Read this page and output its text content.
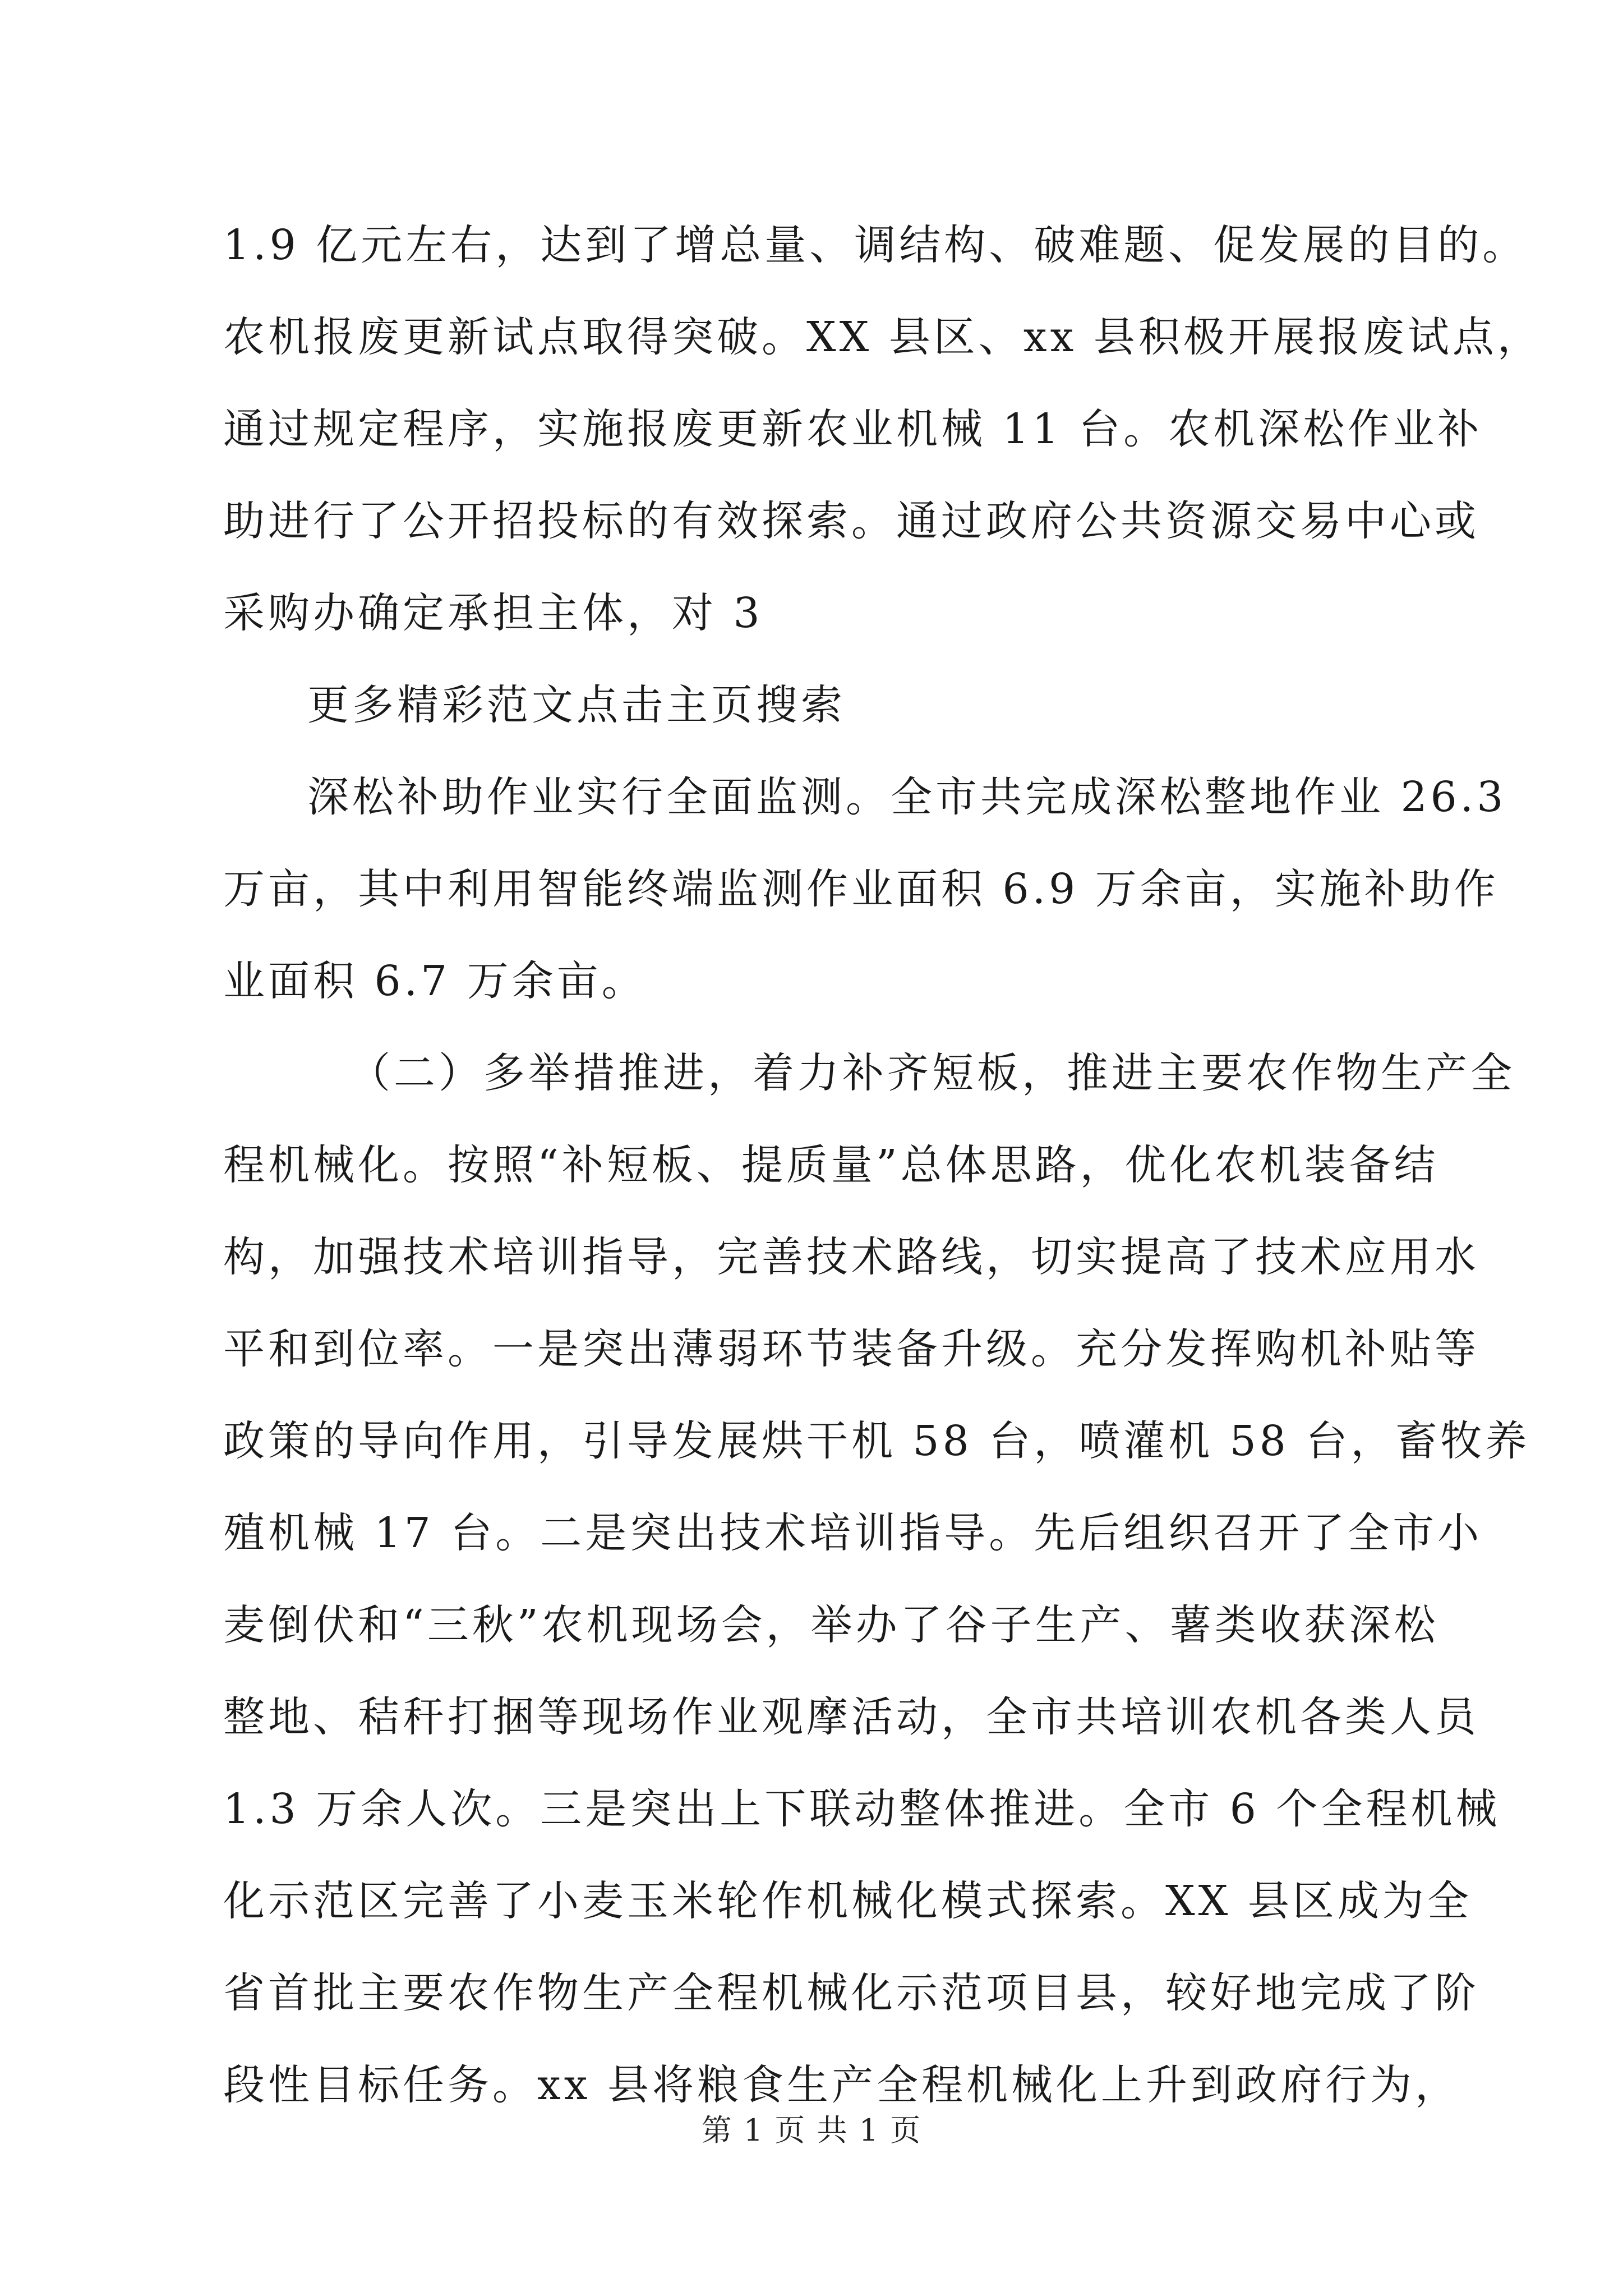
1.9 亿元左右，达到了增总量、调结构、破难题、促发展的目的。
农机报废更新试点取得突破。XX 县区、xx 县积极开展报废试点，
通过规定程序，实施报废更新农业机械 11 台。农机深松作业补
助进行了公开招投标的有效探索。通过政府公共资源交易中心或
采购办确定承担主体，对 3
更多精彩范文点击主页搜索
深松补助作业实行全面监测。全市共完成深松整地作业 26.3
万亩，其中利用智能终端监测作业面积 6.9 万余亩，实施补助作
业面积 6.7 万余亩。
（二）多举措推进，着力补齐短板，推进主要农作物生产全
程机械化。按照“补短板、提质量”总体思路，优化农机装备结
构，加强技术培训指导，完善技术路线，切实提高了技术应用水
平和到位率。一是突出薄弱环节装备升级。充分发挥购机补贴等
政策的导向作用，引导发展烘干机 58 台，喷灌机 58 台，畜牧养
殖机械 17 台。二是突出技术培训指导。先后组织召开了全市小
麦倒伏和“三秋”农机现场会，举办了谷子生产、薯类收获深松
整地、秸秆打捆等现场作业观摩活动，全市共培训农机各类人员
1.3 万余人次。三是突出上下联动整体推进。全市 6 个全程机械
化示范区完善了小麦玉米轮作机械化模式探索。XX 县区成为全
省首批主要农作物生产全程机械化示范项目县，较好地完成了阶
段性目标任务。xx 县将粮食生产全程机械化上升到政府行为，
第 1 页 共 1 页
